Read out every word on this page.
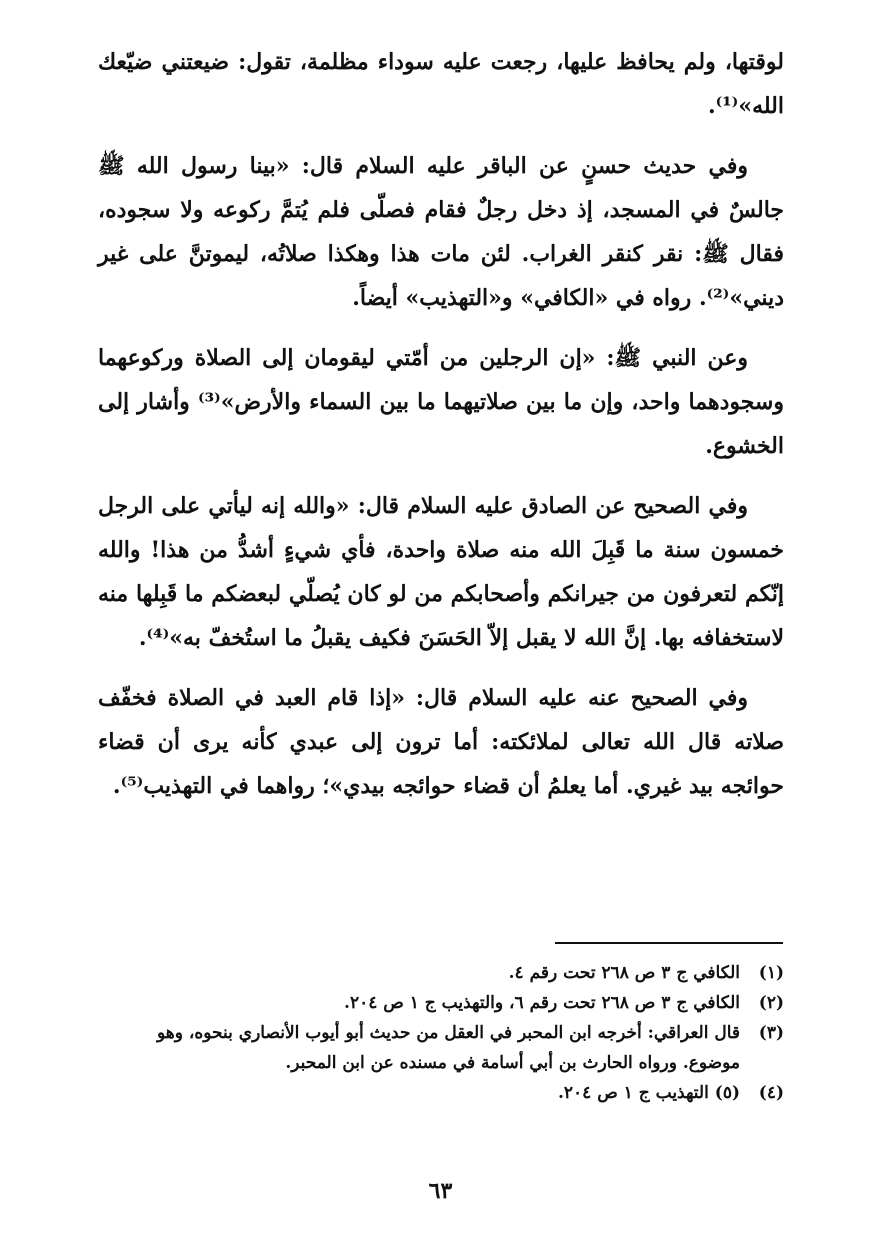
لوقتها، ولم يحافظ عليها، رجعت عليه سوداء مظلمة، تقول: ضيعتني ضيّعك الله»⁽¹⁾.

وفي حديث حسنٍ عن الباقر عليه السلام قال: «بينا رسول الله ﷺ جالسٌ في المسجد، إذ دخل رجلٌ فقام فصلّى فلم يُتمَّ ركوعه ولا سجوده، فقال ﷺ: نقر كنقر الغراب. لئن مات هذا وهكذا صلاتُه، ليموتنَّ على غير ديني»⁽²⁾. رواه في «الكافي» و«التهذيب» أيضاً.

وعن النبي ﷺ: «إن الرجلين من أمّتي ليقومان إلى الصلاة وركوعهما وسجودهما واحد، وإن ما بين صلاتيهما ما بين السماء والأرض»⁽³⁾ وأشار إلى الخشوع.

وفي الصحيح عن الصادق عليه السلام قال: «والله إنه ليأتي على الرجل خمسون سنة ما قَبِلَ الله منه صلاة واحدة، فأي شيءٍ أشدُّ من هذا! والله إنّكم لتعرفون من جيرانكم وأصحابكم من لو كان يُصلّي لبعضكم ما قَبِلها منه لاستخفافه بها. إنَّ الله لا يقبل إلاّ الحَسَنَ فكيف يقبلُ ما استُخفّ به»⁽⁴⁾.

وفي الصحيح عنه عليه السلام قال: «إذا قام العبد في الصلاة فخفّف صلاته قال الله تعالى لملائكته: أما ترون إلى عبدي كأنه يرى أن قضاء حوائجه بيد غيري. أما يعلمُ أن قضاء حوائجه بيدي»؛ رواهما في التهذيب⁽⁵⁾.

(١)
الكافي ج ٣ ص ٢٦٨ تحت رقم ٤.
(٢)
الكافي ج ٣ ص ٢٦٨ تحت رقم ٦، والتهذيب ج ١ ص ٢٠٤.
(٣)
قال العراقي: أخرجه ابن المحبر في العقل من حديث أبو أيوب الأنصاري بنحوه، وهو موضوع. ورواه الحارث بن أبي أسامة في مسنده عن ابن المحبر.
(٤)
(٥) التهذيب ج ١ ص ٢٠٤.
٦٣
